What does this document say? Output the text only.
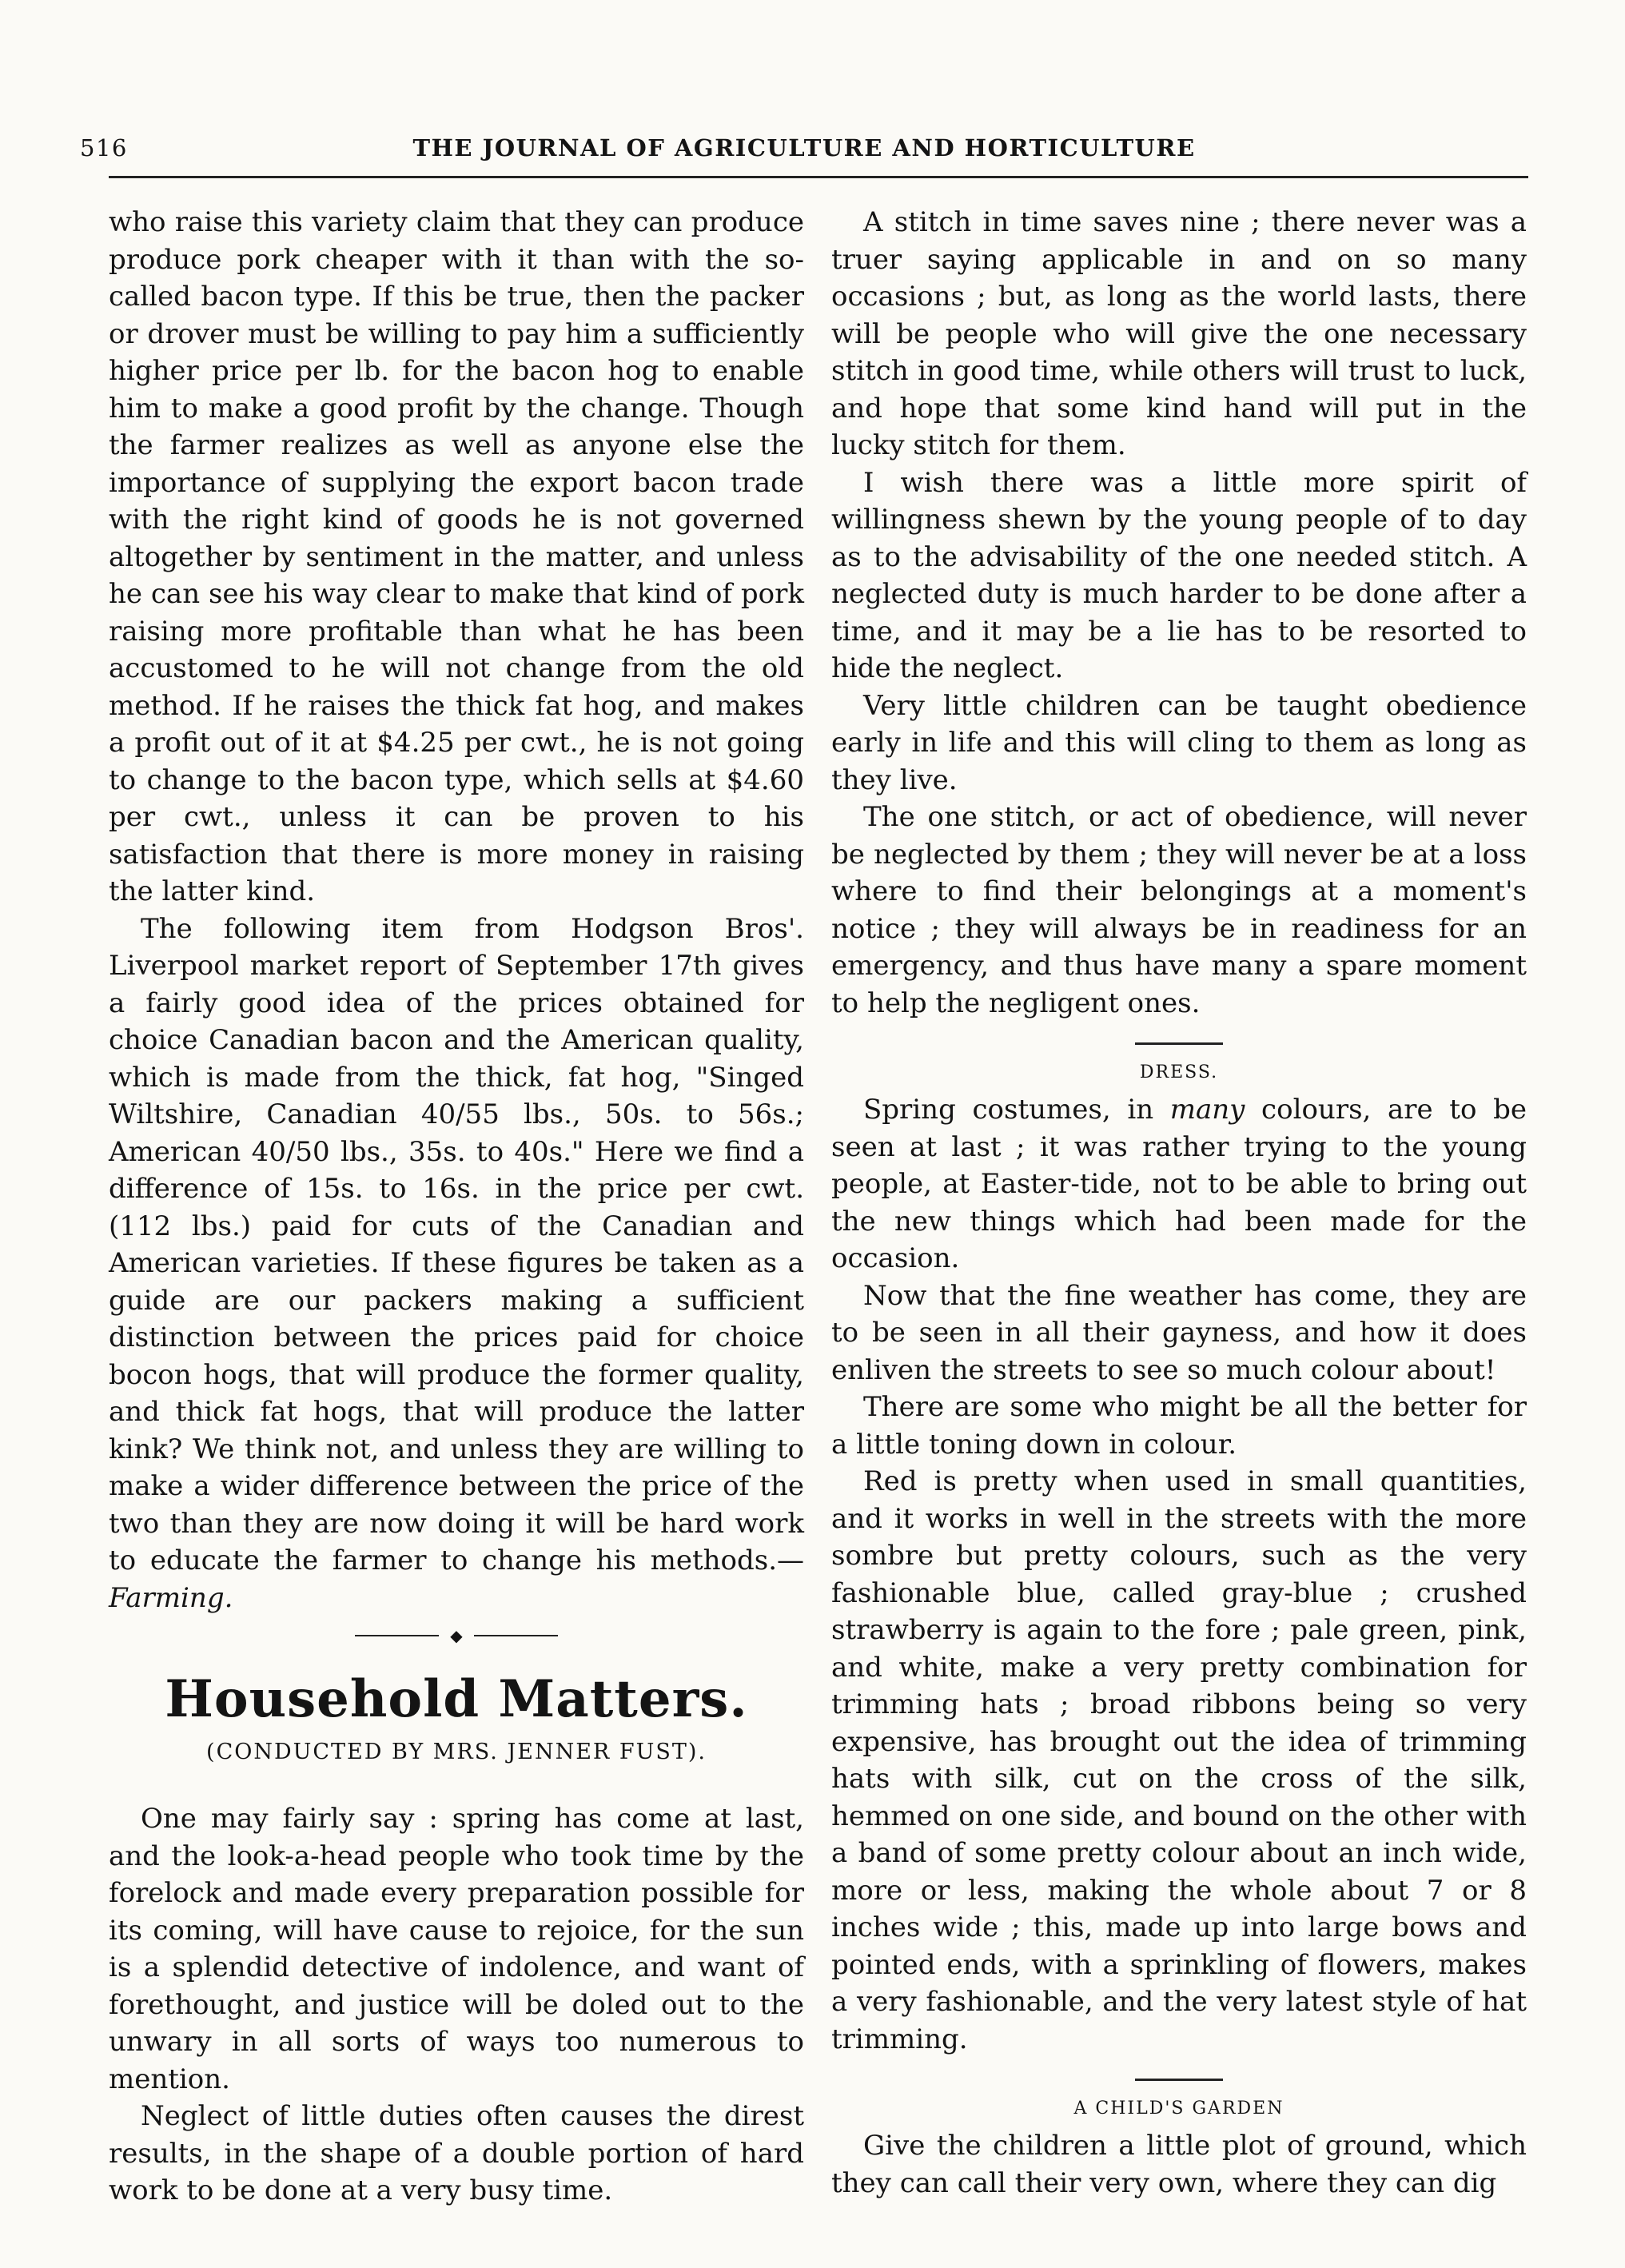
516	THE JOURNAL OF AGRICULTURE AND HORTICULTURE

who raise this variety claim that they can produce produce pork cheaper with it than with the so-called bacon type. If this be true, then the packer or drover must be willing to pay him a sufficiently higher price per lb. for the bacon hog to enable him to make a good profit by the change. Though the farmer realizes as well as anyone else the importance of supplying the export bacon trade with the right kind of goods he is not governed altogether by sentiment in the matter, and unless he can see his way clear to make that kind of pork raising more profitable than what he has been accustomed to he will not change from the old method. If he raises the thick fat hog, and makes a profit out of it at $4.25 per cwt., he is not going to change to the bacon type, which sells at $4.60 per cwt., unless it can be proven to his satisfaction that there is more money in raising the latter kind.

The following item from Hodgson Bros'. Liverpool market report of September 17th gives a fairly good idea of the prices obtained for choice Canadian bacon and the American quality, which is made from the thick, fat hog, "Singed Wiltshire, Canadian 40/55 lbs., 50s. to 56s.; American 40/50 lbs., 35s. to 40s." Here we find a difference of 15s. to 16s. in the price per cwt. (112 lbs.) paid for cuts of the Canadian and American varieties. If these figures be taken as a guide are our packers making a sufficient distinction between the prices paid for choice bocon hogs, that will produce the former quality, and thick fat hogs, that will produce the latter kink? We think not, and unless they are willing to make a wider difference between the price of the two than they are now doing it will be hard work to educate the farmer to change his methods.—Farming.

◆
Household Matters.
(CONDUCTED BY MRS. JENNER FUST).

One may fairly say : spring has come at last, and the look-a-head people who took time by the forelock and made every preparation possible for its coming, will have cause to rejoice, for the sun is a splendid detective of indolence, and want of forethought, and justice will be doled out to the unwary in all sorts of ways too numerous to mention.

Neglect of little duties often causes the direst results, in the shape of a double portion of hard work to be done at a very busy time.

A stitch in time saves nine ; there never was a truer saying applicable in and on so many occasions ; but, as long as the world lasts, there will be people who will give the one necessary stitch in good time, while others will trust to luck, and hope that some kind hand will put in the lucky stitch for them.

I wish there was a little more spirit of willingness shewn by the young people of to day as to the advisability of the one needed stitch. A neglected duty is much harder to be done after a time, and it may be a lie has to be resorted to hide the neglect.

Very little children can be taught obedience early in life and this will cling to them as long as they live.

The one stitch, or act of obedience, will never be neglected by them ; they will never be at a loss where to find their belongings at a moment's notice ; they will always be in readiness for an emergency, and thus have many a spare moment to help the negligent ones.

DRESS.

Spring costumes, in many colours, are to be seen at last ; it was rather trying to the young people, at Easter-tide, not to be able to bring out the new things which had been made for the occasion.

Now that the fine weather has come, they are to be seen in all their gayness, and how it does enliven the streets to see so much colour about!

There are some who might be all the better for a little toning down in colour.

Red is pretty when used in small quantities, and it works in well in the streets with the more sombre but pretty colours, such as the very fashionable blue, called gray-blue ; crushed strawberry is again to the fore ; pale green, pink, and white, make a very pretty combination for trimming hats ; broad ribbons being so very expensive, has brought out the idea of trimming hats with silk, cut on the cross of the silk, hemmed on one side, and bound on the other with a band of some pretty colour about an inch wide, more or less, making the whole about 7 or 8 inches wide ; this, made up into large bows and pointed ends, with a sprinkling of flowers, makes a very fashionable, and the very latest style of hat trimming.

A CHILD'S GARDEN

Give the children a little plot of ground, which they can call their very own, where they can dig
